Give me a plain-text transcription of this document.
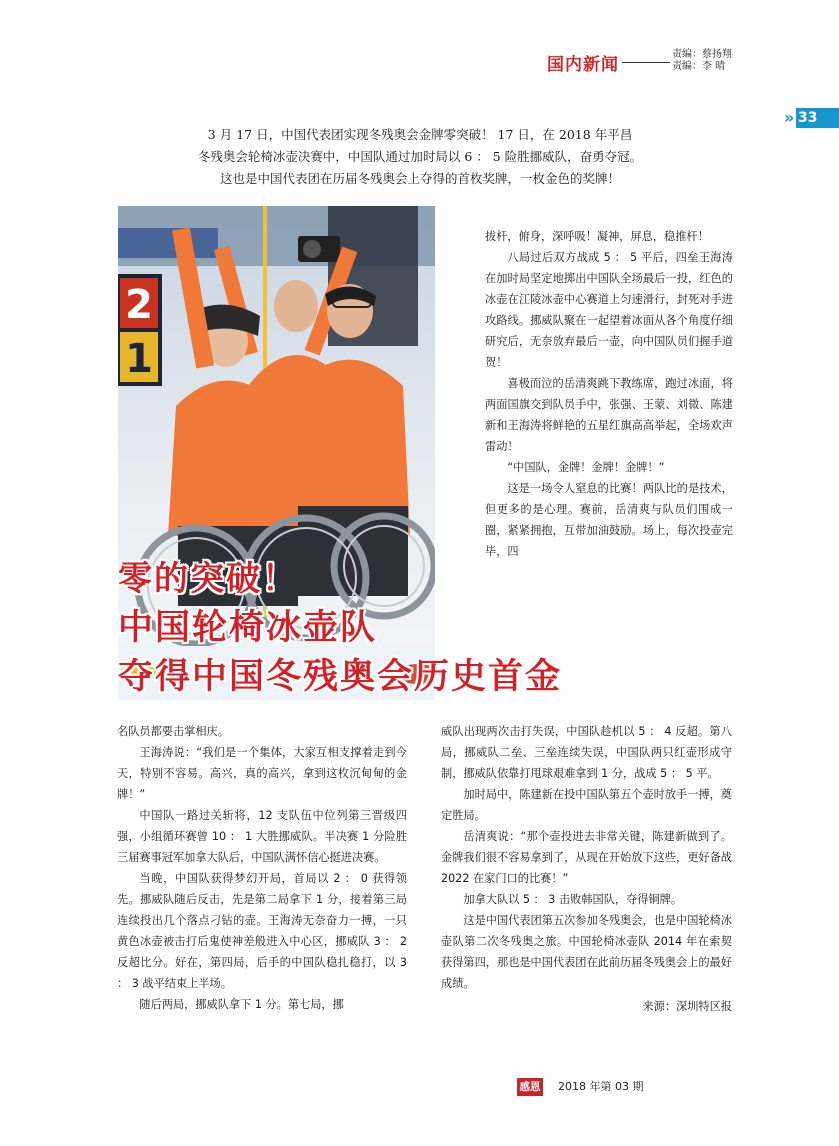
国内新闻
责编：蔡扬翔
责编：李 晴
» 33
3 月 17 日，中国代表团实现冬残奥会金牌零突破！ 17 日，在 2018 年平昌
冬残奥会轮椅冰壶决赛中，中国队通过加时局以 6 ： 5 险胜挪威队，奋勇夺冠。
这也是中国代表团在历届冬残奥会上夺得的首枚奖牌，一枚金色的奖牌！
2
1
零的突破！
中国轮椅冰壶队
夺得中国冬残奥会历史首金

拔杆，俯身，深呼吸！凝神，屏息，稳推杆！

八局过后双方战成 5 ： 5 平后，四垒王海涛在加时局坚定地掷出中国队全场最后一投，红色的冰壶在江陵冰壶中心赛道上匀速滑行，封死对手进攻路线。挪威队聚在一起望着冰面从各个角度仔细研究后，无奈放弃最后一壶，向中国队员们握手道贺！

喜极而泣的岳清爽跳下教练席，跑过冰面，将两面国旗交到队员手中，张强、王蒙、刘微、陈建新和王海涛将鲜艳的五星红旗高高举起，全场欢声雷动！

“中国队，金牌！金牌！金牌！”

这是一场令人窒息的比赛！两队比的是技术，但更多的是心理。赛前，岳清爽与队员们围成一圈，紧紧拥抱，互带加油鼓励。场上，每次投壶完毕，四

名队员都要击掌相庆。

王海涛说：“我们是一个集体，大家互相支撑着走到今天，特别不容易。高兴，真的高兴，拿到这枚沉甸甸的金牌！”

中国队一路过关斩将，12 支队伍中位列第三晋级四强，小组循环赛曾 10 ： 1 大胜挪威队。半决赛 1 分险胜三届赛事冠军加拿大队后，中国队满怀信心挺进决赛。

当晚，中国队获得梦幻开局，首局以 2 ： 0 获得领先。挪威队随后反击，先是第二局拿下 1 分，接着第三局连续投出几个落点刁钻的壶。王海涛无奈奋力一搏，一只黄色冰壶被击打后鬼使神差般进入中心区，挪威队 3 ： 2 反超比分。好在，第四局，后手的中国队稳扎稳打，以 3 ： 3 战平结束上半场。

随后两局，挪威队拿下 1 分。第七局，挪

威队出现两次击打失误，中国队趁机以 5 ： 4 反超。第八局，挪威队二垒、三垒连续失误，中国队两只红壶形成守制，挪威队依靠打甩球艰难拿到 1 分，战成 5 ： 5 平。

加时局中，陈建新在投中国队第五个壶时放手一搏，奠定胜局。

岳清爽说：“那个壶投进去非常关键，陈建新做到了。金牌我们很不容易拿到了，从现在开始放下这些，更好备战 2022 在家门口的比赛！”

加拿大队以 5 ： 3 击败韩国队，夺得铜牌。

这是中国代表团第五次参加冬残奥会，也是中国轮椅冰壶队第二次冬残奥之旅。中国轮椅冰壶队 2014 年在索契获得第四，那也是中国代表团在此前历届冬残奥会上的最好成绩。

来源：深圳特区报
感恩 2018 年第 03 期
